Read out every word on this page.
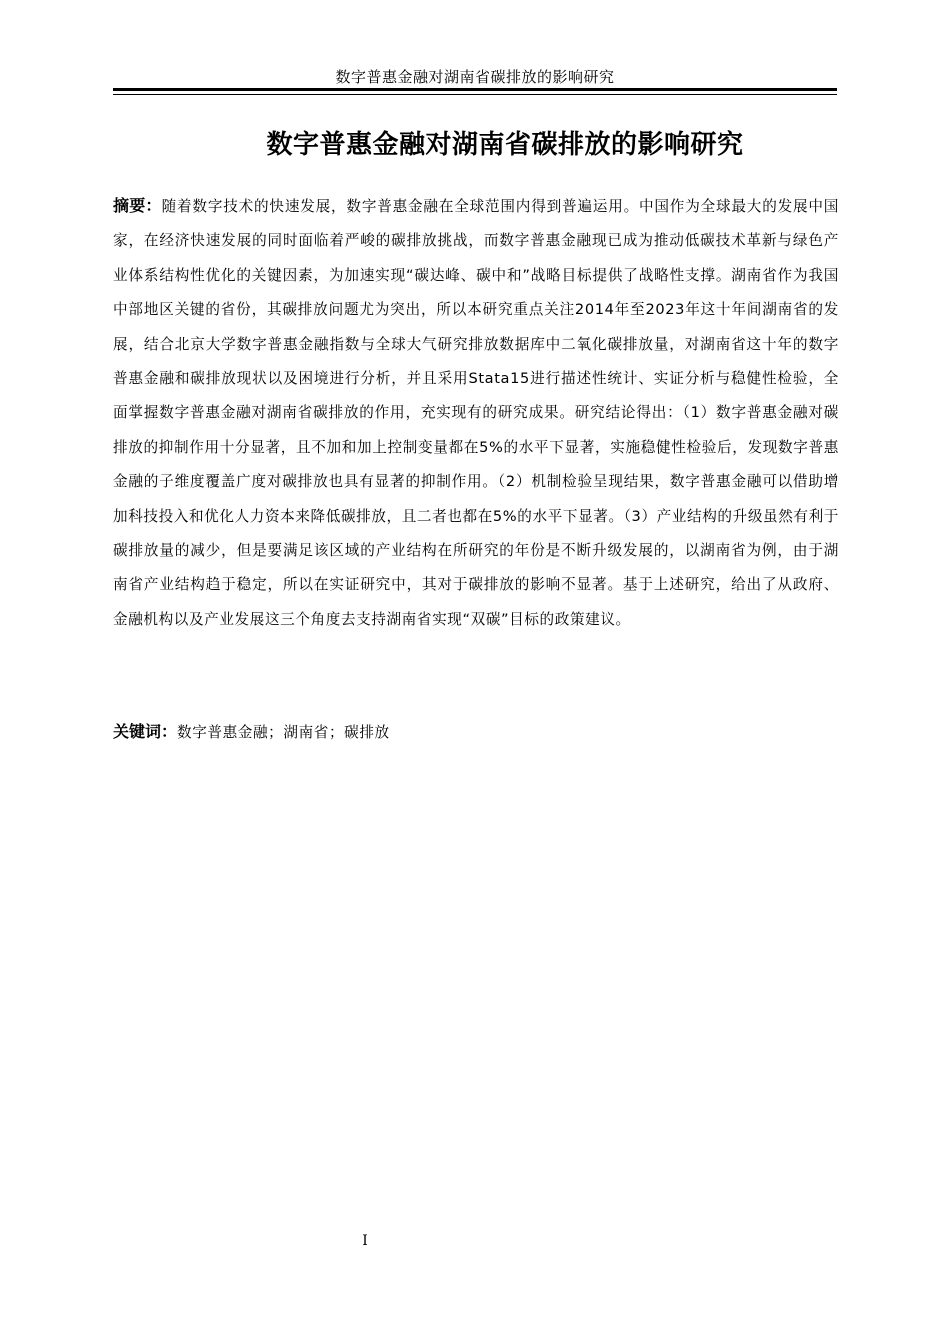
数字普惠金融对湖南省碳排放的影响研究
数字普惠金融对湖南省碳排放的影响研究

摘要：随着数字技术的快速发展，数字普惠金融在全球范围内得到普遍运用。中国作为全球最大的发展中国家，在经济快速发展的同时面临着严峻的碳排放挑战，而数字普惠金融现已成为推动低碳技术革新与绿色产业体系结构性优化的关键因素，为加速实现“碳达峰、碳中和”战略目标提供了战略性支撑。湖南省作为我国中部地区关键的省份，其碳排放问题尤为突出，所以本研究重点关注2014年至2023年这十年间湖南省的发展，结合北京大学数字普惠金融指数与全球大气研究排放数据库中二氧化碳排放量，对湖南省这十年的数字普惠金融和碳排放现状以及困境进行分析，并且采用Stata15进行描述性统计、实证分析与稳健性检验，全面掌握数字普惠金融对湖南省碳排放的作用，充实现有的研究成果。研究结论得出：（1）数字普惠金融对碳排放的抑制作用十分显著，且不加和加上控制变量都在5%的水平下显著，实施稳健性检验后，发现数字普惠金融的子维度覆盖广度对碳排放也具有显著的抑制作用。（2）机制检验呈现结果，数字普惠金融可以借助增加科技投入和优化人力资本来降低碳排放，且二者也都在5%的水平下显著。（3）产业结构的升级虽然有利于碳排放量的减少，但是要满足该区域的产业结构在所研究的年份是不断升级发展的，以湖南省为例，由于湖南省产业结构趋于稳定，所以在实证研究中，其对于碳排放的影响不显著。基于上述研究，给出了从政府、金融机构以及产业发展这三个角度去支持湖南省实现“双碳”目标的政策建议。

关键词：数字普惠金融；湖南省；碳排放

I
